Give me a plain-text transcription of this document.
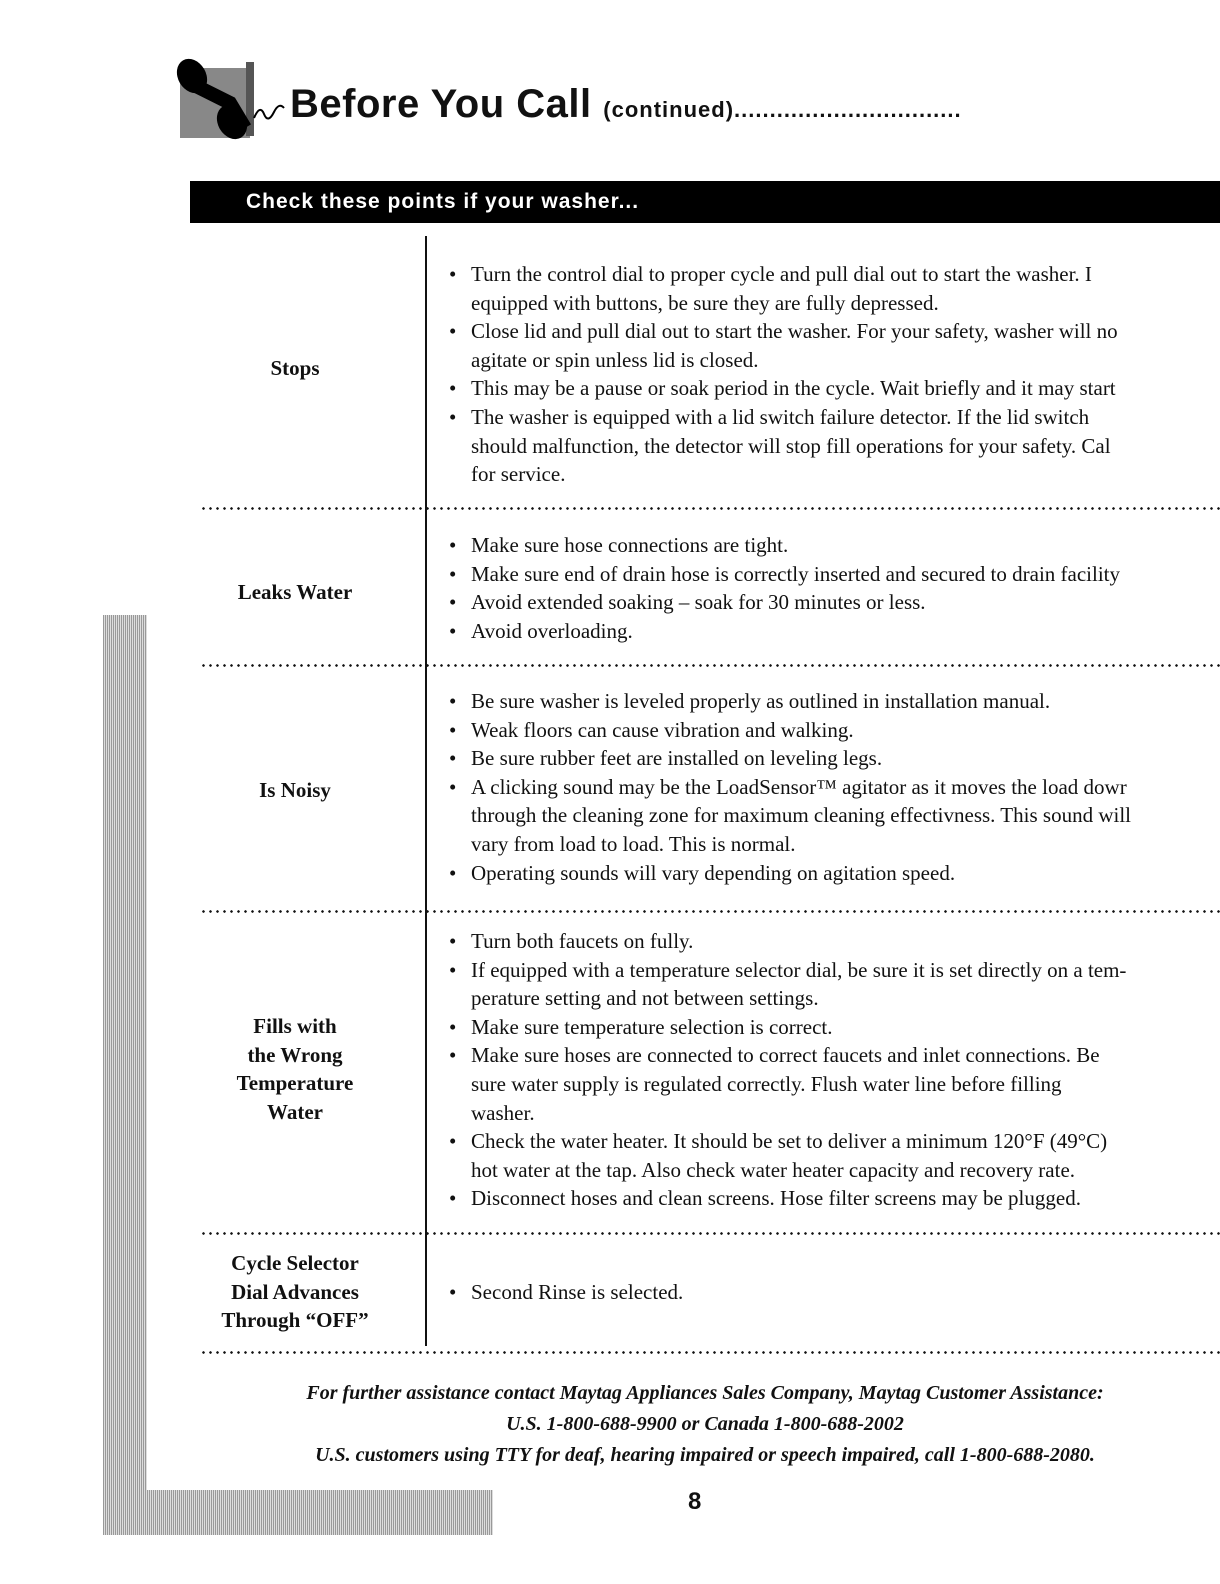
Before You Call (continued)................................
Check these points if your washer...
Stops
• Turn the control dial to proper cycle and pull dial out to start the washer. I
equipped with buttons, be sure they are fully depressed.
• Close lid and pull dial out to start the washer. For your safety, washer will no
agitate or spin unless lid is closed.
• This may be a pause or soak period in the cycle. Wait briefly and it may start
• The washer is equipped with a lid switch failure detector. If the lid switch
should malfunction, the detector will stop fill operations for your safety. Cal
for service.
Leaks Water
• Make sure hose connections are tight.
• Make sure end of drain hose is correctly inserted and secured to drain facility
• Avoid extended soaking – soak for 30 minutes or less.
• Avoid overloading.
Is Noisy
• Be sure washer is leveled properly as outlined in installation manual.
• Weak floors can cause vibration and walking.
• Be sure rubber feet are installed on leveling legs.
• A clicking sound may be the LoadSensor™ agitator as it moves the load dowr
through the cleaning zone for maximum cleaning effectivness. This sound will
vary from load to load. This is normal.
• Operating sounds will vary depending on agitation speed.
Fills with
the Wrong
Temperature
Water
• Turn both faucets on fully.
• If equipped with a temperature selector dial, be sure it is set directly on a tem-
perature setting and not between settings.
• Make sure temperature selection is correct.
• Make sure hoses are connected to correct faucets and inlet connections. Be
sure water supply is regulated correctly. Flush water line before filling
washer.
• Check the water heater. It should be set to deliver a minimum 120°F (49°C)
hot water at the tap. Also check water heater capacity and recovery rate.
• Disconnect hoses and clean screens. Hose filter screens may be plugged.
Cycle Selector
Dial Advances
Through “OFF”
• Second Rinse is selected.

For further assistance contact Maytag Appliances Sales Company, Maytag Customer Assistance:

U.S. 1-800-688-9900 or Canada 1-800-688-2002

U.S. customers using TTY for deaf, hearing impaired or speech impaired, call 1-800-688-2080.

8
